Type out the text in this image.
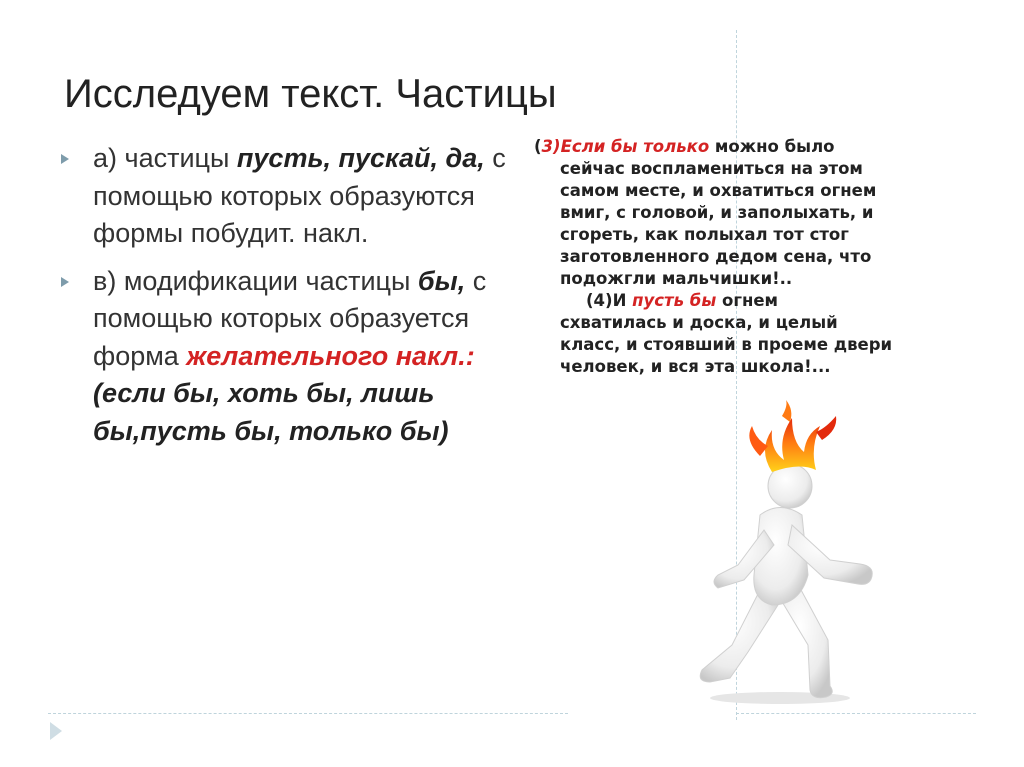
Исследуем текст. Частицы
а) частицы пусть, пускай, да, с помощью которых образуются формы побудит. накл.
в) модификации частицы бы, с помощью которых образуется форма желательного накл.: (если бы, хоть бы, лишь бы,пусть бы, только бы)
(3)Если бы только можно было
сейчас воспламениться на этом
самом месте, и охватиться огнем
вмиг, с головой, и заполыхать, и
сгореть, как полыхал тот стог
заготовленного дедом сена, что
подожгли мальчишки!..
(4)И пусть бы огнем
схватилась и доска, и целый
класс, и стоявший в проеме двери
человек, и вся эта школа!...
